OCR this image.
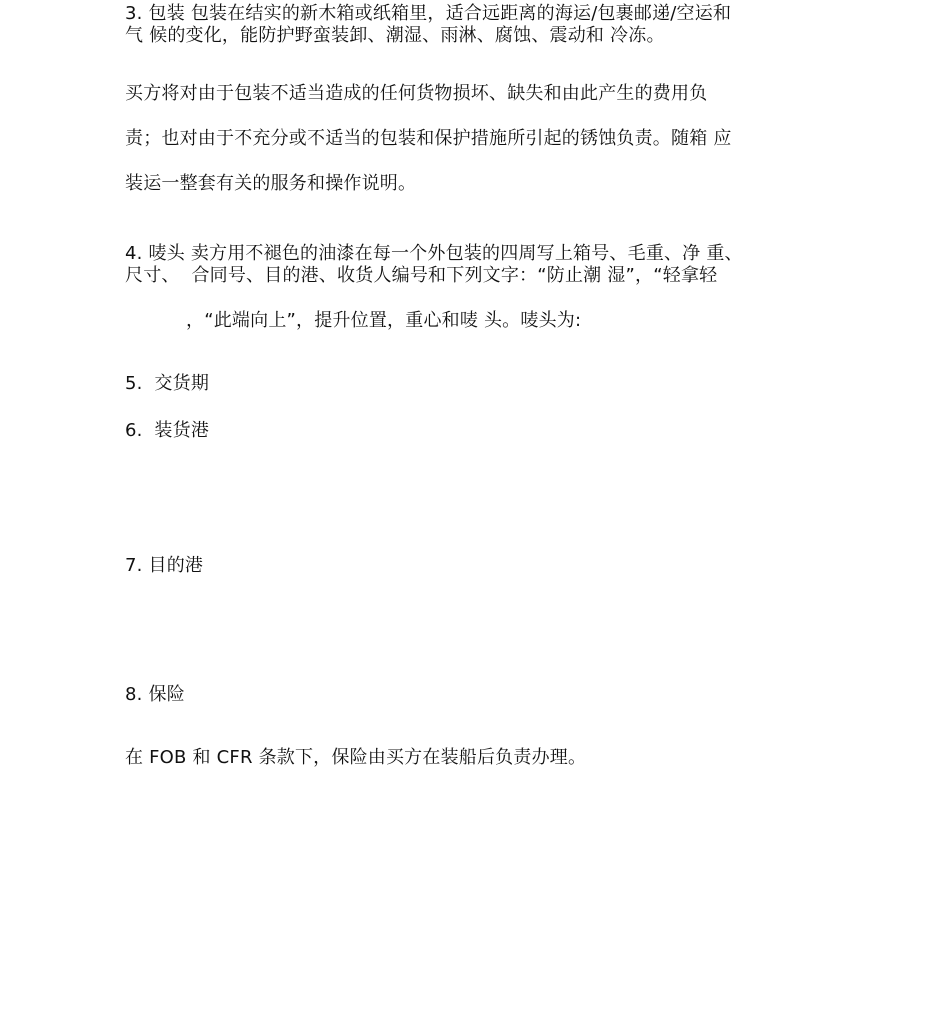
3. 包装 包装在结实的新木箱或纸箱里，适合远距离的海运/包裹邮递/空运和
气 候的变化，能防护野蛮装卸、潮湿、雨淋、腐蚀、震动和 冷冻。
买方将对由于包装不适当造成的任何货物损坏、缺失和由此产生的费用负
责；也对由于不充分或不适当的包装和保护措施所引起的锈蚀负责。随箱 应
装运一整套有关的服务和操作说明。
4. 唛头 卖方用不褪色的油漆在每一个外包装的四周写上箱号、毛重、净 重、
尺寸、  合同号、目的港、收货人编号和下列文字：“防止潮 湿”，“轻拿轻
，“此端向上”，提升位置，重心和唛 头。唛头为:
5.  交货期
6.  装货港
7. 目的港
8. 保险
在 FOB 和 CFR 条款下，保险由买方在装船后负责办理。
